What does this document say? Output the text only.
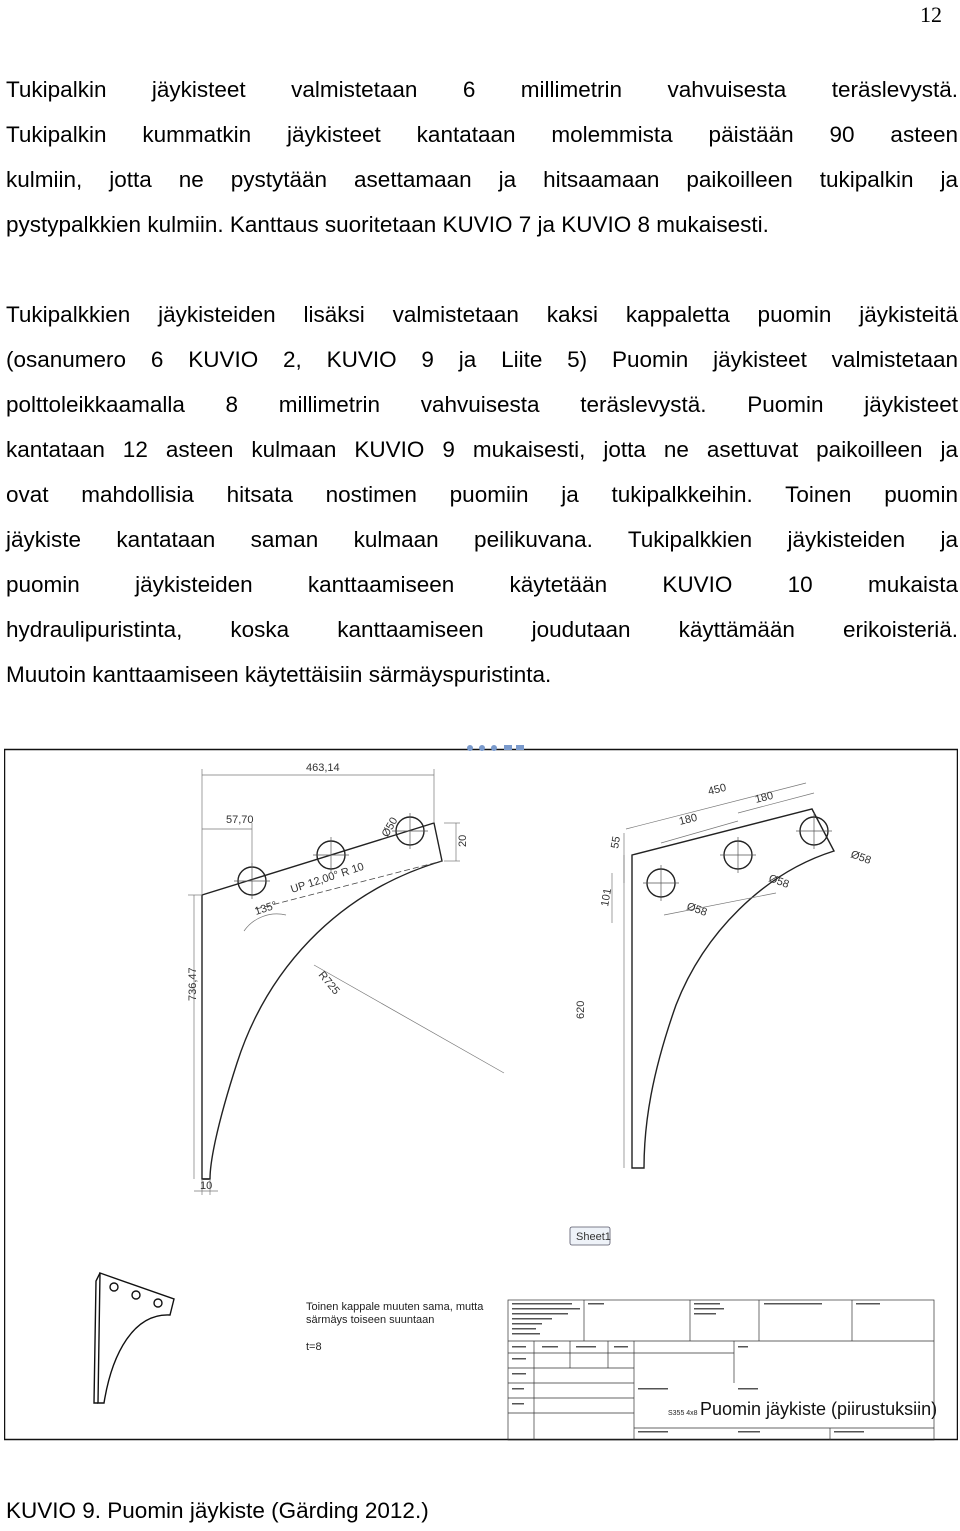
12
Tukipalkin jäykisteet valmistetaan 6 millimetrin vahvuisesta teräslevystä.
Tukipalkin kummatkin jäykisteet kantataan molemmista päistään 90 asteen
kulmiin, jotta ne pystytään asettamaan ja hitsaamaan paikoilleen tukipalkin ja
pystypalkkien kulmiin. Kanttaus suoritetaan KUVIO 7 ja KUVIO 8 mukaisesti.
Tukipalkkien jäykisteiden lisäksi valmistetaan kaksi kappaletta puomin jäykisteitä
(osanumero 6 KUVIO 2, KUVIO 9 ja Liite 5) Puomin jäykisteet valmistetaan
polttoleikkaamalla 8 millimetrin vahvuisesta teräslevystä. Puomin jäykisteet
kantataan 12 asteen kulmaan KUVIO 9 mukaisesti, jotta ne asettuvat paikoilleen ja
ovat mahdollisia hitsata nostimen puomiin ja tukipalkkeihin. Toinen puomin
jäykiste kantataan saman kulmaan peilikuvana. Tukipalkkien jäykisteiden ja
puomin jäykisteiden kanttaamiseen käytetään KUVIO 10 mukaista
hydraulipuristinta, koska kanttaamiseen joudutaan käyttämään erikoisteriä.
Muutoin kanttaamiseen käytettäisiin särmäyspuristinta.
463,14
57,70	Ø50
20
135°
UP 12,00° R 10
736,47	R725
10
450 180
180
55
101
Ø58
Ø58
Ø58
620
Sheet1
Toinen kappale muuten sama, mutta
särmäys toiseen suuntaan
t=8
S355 4x8 Puomin jäykiste (piirustuksiin)
KUVIO 9. Puomin jäykiste (Gärding 2012.)
